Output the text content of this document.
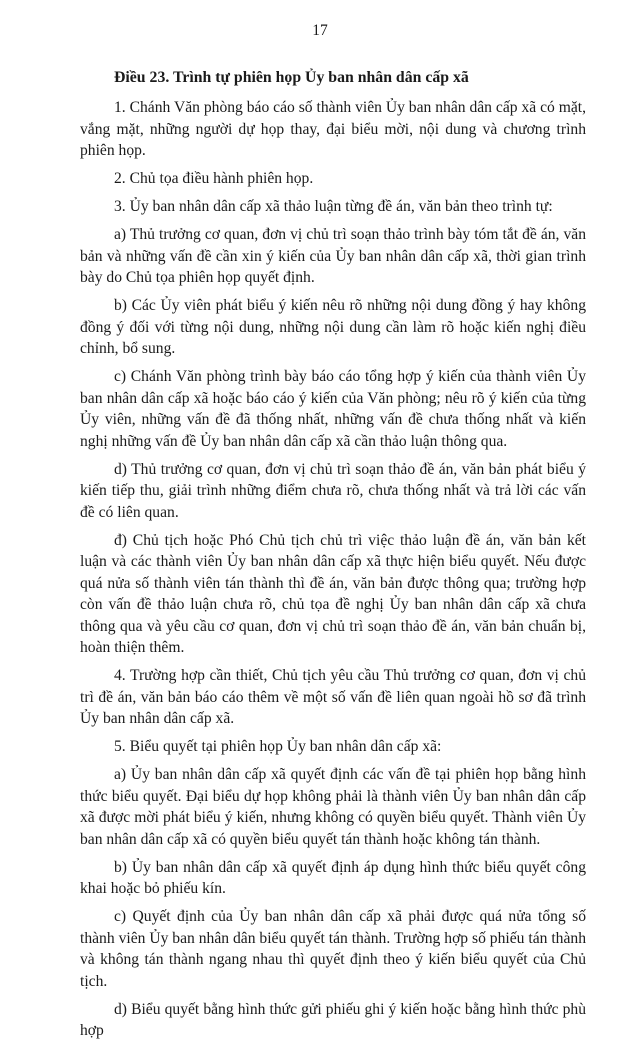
17

Điều 23. Trình tự phiên họp Ủy ban nhân dân cấp xã

1. Chánh Văn phòng báo cáo số thành viên Ủy ban nhân dân cấp xã có mặt, vắng mặt, những người dự họp thay, đại biểu mời, nội dung và chương trình phiên họp.

2. Chủ tọa điều hành phiên họp.

3. Ủy ban nhân dân cấp xã thảo luận từng đề án, văn bản theo trình tự:

a) Thủ trưởng cơ quan, đơn vị chủ trì soạn thảo trình bày tóm tắt đề án, văn bản và những vấn đề cần xin ý kiến của Ủy ban nhân dân cấp xã, thời gian trình bày do Chủ tọa phiên họp quyết định.

b) Các Ủy viên phát biểu ý kiến nêu rõ những nội dung đồng ý hay không đồng ý đối với từng nội dung, những nội dung cần làm rõ hoặc kiến nghị điều chỉnh, bổ sung.

c) Chánh Văn phòng trình bày báo cáo tổng hợp ý kiến của thành viên Ủy ban nhân dân cấp xã hoặc báo cáo ý kiến của Văn phòng; nêu rõ ý kiến của từng Ủy viên, những vấn đề đã thống nhất, những vấn đề chưa thống nhất và kiến nghị những vấn đề Ủy ban nhân dân cấp xã cần thảo luận thông qua.

d) Thủ trưởng cơ quan, đơn vị chủ trì soạn thảo đề án, văn bản phát biểu ý kiến tiếp thu, giải trình những điểm chưa rõ, chưa thống nhất và trả lời các vấn đề có liên quan.

đ) Chủ tịch hoặc Phó Chủ tịch chủ trì việc thảo luận đề án, văn bản kết luận và các thành viên Ủy ban nhân dân cấp xã thực hiện biểu quyết. Nếu được quá nửa số thành viên tán thành thì đề án, văn bản được thông qua; trường hợp còn vấn đề thảo luận chưa rõ, chủ tọa đề nghị Ủy ban nhân dân cấp xã chưa thông qua và yêu cầu cơ quan, đơn vị chủ trì soạn thảo đề án, văn bản chuẩn bị, hoàn thiện thêm.

4. Trường hợp cần thiết, Chủ tịch yêu cầu Thủ trưởng cơ quan, đơn vị chủ trì đề án, văn bản báo cáo thêm về một số vấn đề liên quan ngoài hồ sơ đã trình Ủy ban nhân dân cấp xã.

5. Biểu quyết tại phiên họp Ủy ban nhân dân cấp xã:

a) Ủy ban nhân dân cấp xã quyết định các vấn đề tại phiên họp bằng hình thức biểu quyết. Đại biểu dự họp không phải là thành viên Ủy ban nhân dân cấp xã được mời phát biểu ý kiến, nhưng không có quyền biểu quyết. Thành viên Ủy ban nhân dân cấp xã có quyền biểu quyết tán thành hoặc không tán thành.

b) Ủy ban nhân dân cấp xã quyết định áp dụng hình thức biểu quyết công khai hoặc bỏ phiếu kín.

c) Quyết định của Ủy ban nhân dân cấp xã phải được quá nửa tổng số thành viên Ủy ban nhân dân biểu quyết tán thành. Trường hợp số phiếu tán thành và không tán thành ngang nhau thì quyết định theo ý kiến biểu quyết của Chủ tịch.

d) Biểu quyết bằng hình thức gửi phiếu ghi ý kiến hoặc bằng hình thức phù hợp
